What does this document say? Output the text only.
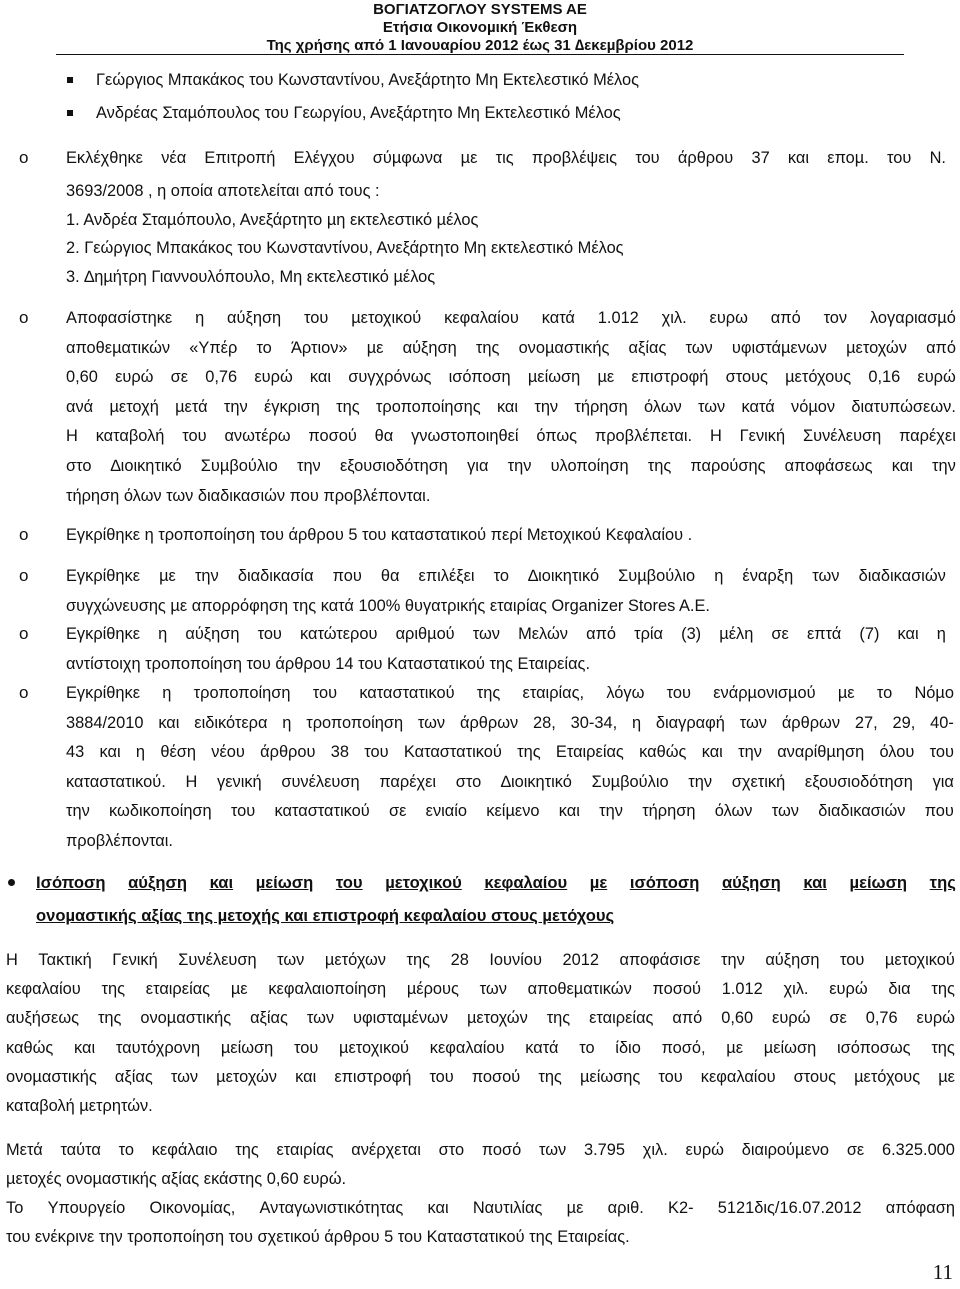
ΒΟΓΙΑΤΖΟΓΛΟΥ SYSTEMS AE
Ετήσια Οικονοµική Έκθεση
Της χρήσης από 1 Ιανουαρίου 2012 έως 31 ∆εκεµβρίου 2012
Γεώργιος Μπακάκος του Κωνσταντίνου, Ανεξάρτητο Μη Εκτελεστικό Μέλος
Ανδρέας Σταµόπουλος του Γεωργίου, Ανεξάρτητο Μη Εκτελεστικό Μέλος
o Εκλέχθηκε νέα Επιτροπή Ελέγχου σύµφωνα µε τις προβλέψεις του άρθρου 37 και εποµ. του Ν.
3693/2008 , η οποία αποτελείται από τους :
1. Ανδρέα Σταµόπουλο, Ανεξάρτητο µη εκτελεστικό µέλος
2. Γεώργιος Μπακάκος του Κωνσταντίνου, Ανεξάρτητο Μη εκτελεστικό Μέλος
3. ∆ηµήτρη Γιαννουλόπουλο, Μη εκτελεστικό µέλος
o Αποφασίστηκε η αύξηση του µετοχικού κεφαλαίου κατά 1.012 χιλ. ευρω από τον λογαριασµό
αποθεµατικών «Υπέρ το Άρτιον» µε αύξηση της ονοµαστικής αξίας των υφιστάµενων µετοχών από
0,60 ευρώ σε 0,76 ευρώ και συγχρόνως ισόποση µείωση µε επιστροφή στους µετόχους 0,16 ευρώ
ανά µετοχή µετά την έγκριση της τροποποίησης και την τήρηση όλων των κατά νόµον διατυπώσεων.
Η καταβολή του ανωτέρω ποσού θα γνωστοποιηθεί όπως προβλέπεται. Η Γενική Συνέλευση παρέχει
στο ∆ιοικητικό Συµβούλιο την εξουσιοδότηση για την υλοποίηση της παρούσης αποφάσεως και την
τήρηση όλων των διαδικασιών που προβλέπονται.
o Εγκρίθηκε η τροποποίηση του άρθρου 5 του καταστατικού περί Μετοχικού Κεφαλαίου .
o Εγκρίθηκε µε την διαδικασία που θα επιλέξει το ∆ιοικητικό Συµβούλιο η έναρξη των διαδικασιών
συγχώνευσης µε απορρόφηση της κατά 100% θυγατρικής εταιρίας Organizer Stores A.E.
o Εγκρίθηκε η αύξηση του κατώτερου αριθµού των Μελών από τρία (3) µέλη σε επτά (7) και η
αντίστοιχη τροποποίηση του άρθρου 14 του Καταστατικού της Εταιρείας.
o Εγκρίθηκε η τροποποίηση του καταστατικού της εταιρίας, λόγω του ενάρµονισµού µε το Νόµο
3884/2010 και ειδικότερα η τροποποίηση των άρθρων 28, 30-34, η διαγραφή των άρθρων 27, 29, 40-
43 και η θέση νέου άρθρου 38 του Καταστατικού της Εταιρείας καθώς και την αναρίθµηση όλου του
καταστατικού. Η γενική συνέλευση παρέχει στο ∆ιοικητικό Συµβούλιο την σχετική εξουσιοδότηση για
την κωδικοποίηση του καταστατικού σε ενιαίο κείµενο και την τήρηση όλων των διαδικασιών που
προβλέπονται.
Ισόποση αύξηση και µείωση του µετοχικού κεφαλαίου µε ισόποση αύξηση και µείωση της
ονοµαστικής αξίας της µετοχής και επιστροφή κεφαλαίου στους µετόχους
Η Τακτική Γενική Συνέλευση των µετόχων της 28 Ιουνίου 2012 αποφάσισε την αύξηση του µετοχικού
κεφαλαίου της εταιρείας µε κεφαλαιοποίηση µέρους των αποθεµατικών ποσού 1.012 χιλ. ευρώ δια της
αυξήσεως της ονοµαστικής αξίας των υφισταµένων µετοχών της εταιρείας από 0,60 ευρώ σε 0,76 ευρώ
καθώς και ταυτόχρονη µείωση του µετοχικού κεφαλαίου κατά το ίδιο ποσό, µε µείωση ισόποσως της
ονοµαστικής αξίας των µετοχών και επιστροφή του ποσού της µείωσης του κεφαλαίου στους µετόχους µε
καταβολή µετρητών.
Μετά ταύτα το κεφάλαιο της εταιρίας ανέρχεται στο ποσό των 3.795 χιλ. ευρώ διαιρούµενο σε 6.325.000
µετοχές ονοµαστικής αξίας εκάστης 0,60 ευρώ.
Το Υπουργείο Οικονοµίας, Ανταγωνιστικότητας και Ναυτιλίας µε αριθ. Κ2- 5121δις/16.07.2012 απόφαση
του ενέκρινε την τροποποίηση του σχετικού άρθρου 5 του Καταστατικού της Εταιρείας.
11
